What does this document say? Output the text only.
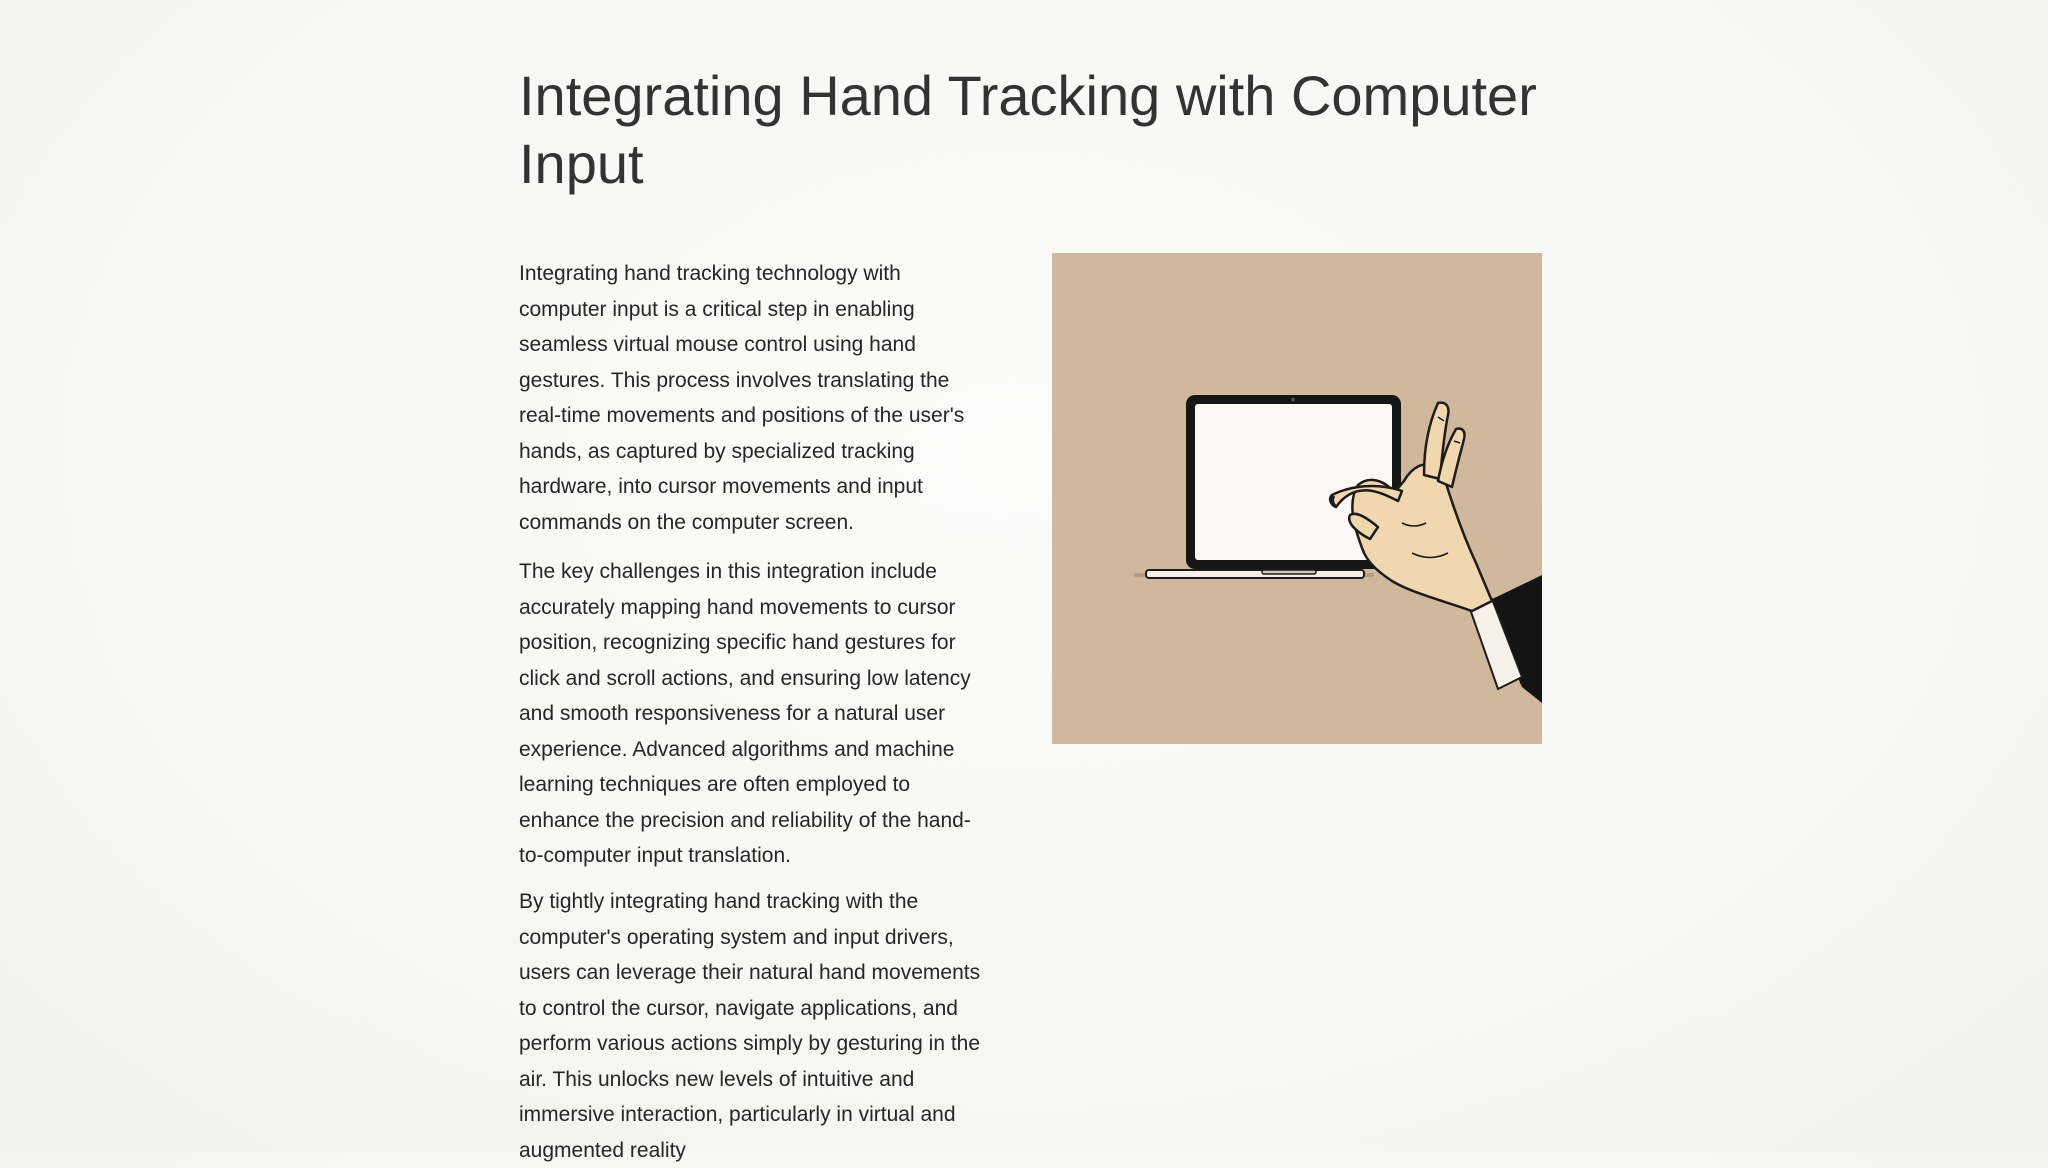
Integrating Hand Tracking with Computer Input

Integrating hand tracking technology with computer input is a critical step in enabling seamless virtual mouse control using hand gestures. This process involves translating the real-time movements and positions of the user's hands, as captured by specialized tracking hardware, into cursor movements and input commands on the computer screen.

The key challenges in this integration include accurately mapping hand movements to cursor position, recognizing specific hand gestures for click and scroll actions, and ensuring low latency and smooth responsiveness for a natural user experience. Advanced algorithms and machine learning techniques are often employed to enhance the precision and reliability of the hand-to-computer input translation.

By tightly integrating hand tracking with the computer's operating system and input drivers, users can leverage their natural hand movements to control the cursor, navigate applications, and perform various actions simply by gesturing in the air. This unlocks new levels of intuitive and immersive interaction, particularly in virtual and augmented reality
